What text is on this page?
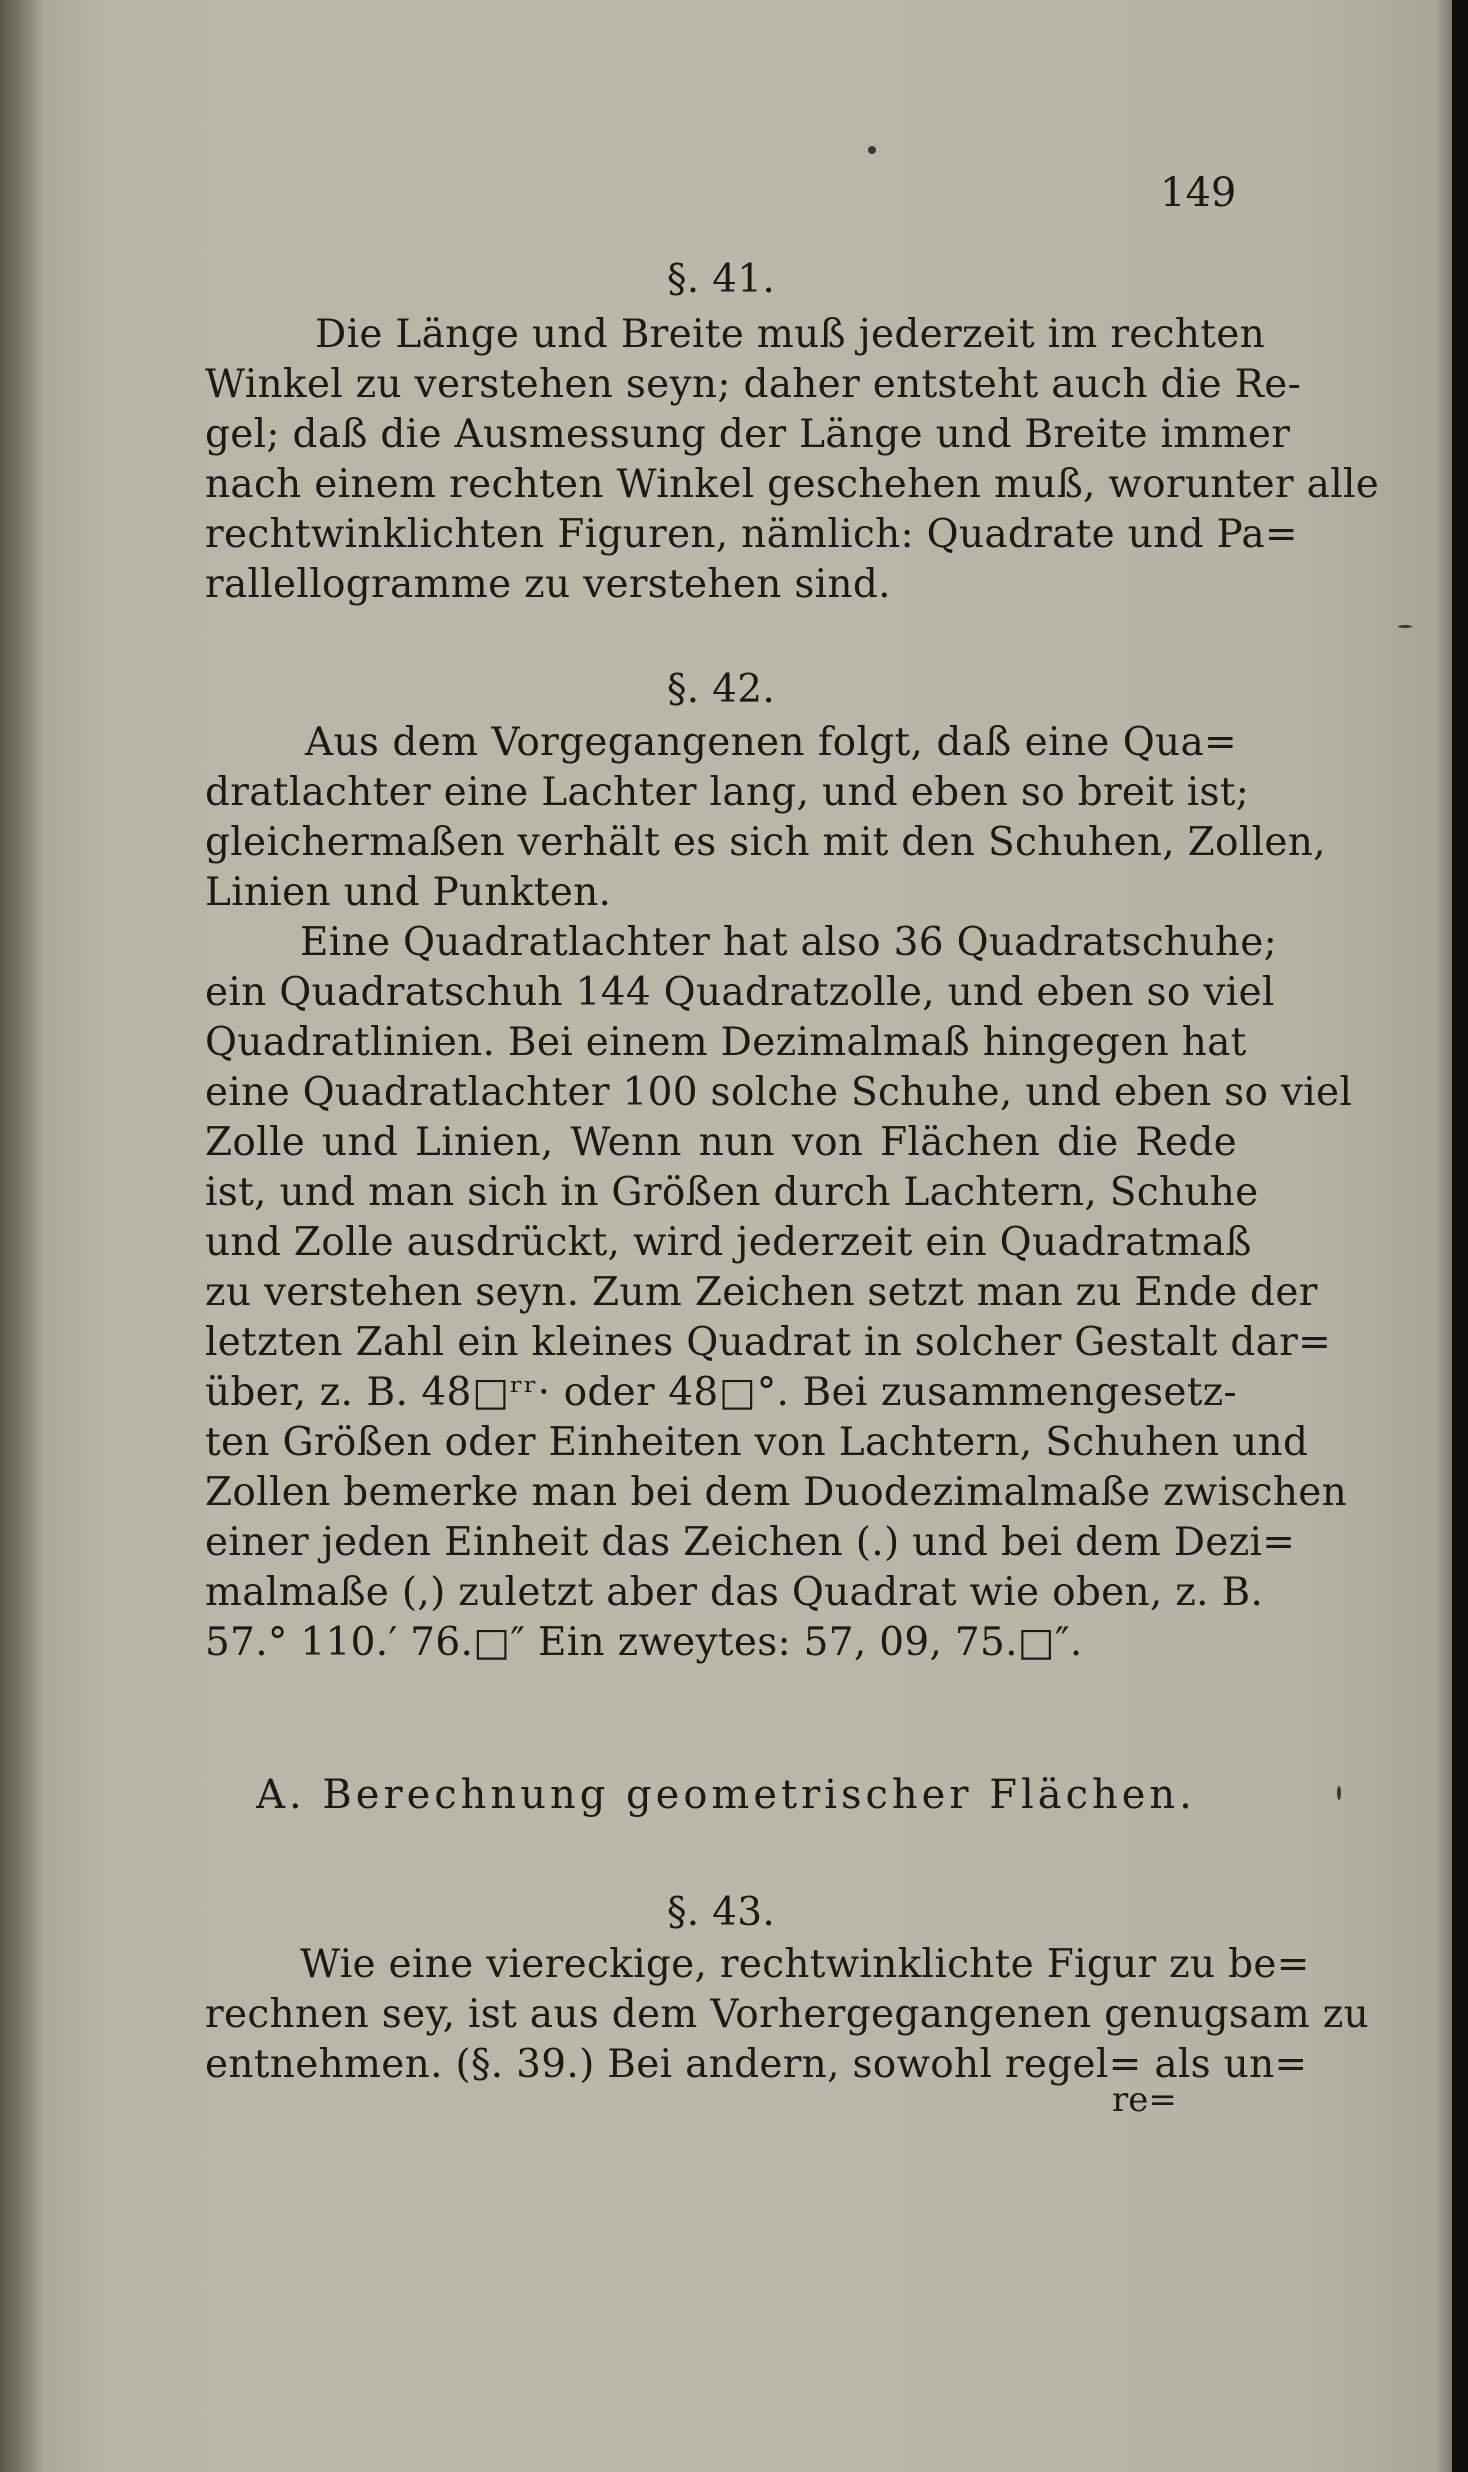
149
§. 41.
Die Länge und Breite muß jederzeit im rechten
Winkel zu verstehen seyn; daher entsteht auch die Re-
gel; daß die Ausmessung der Länge und Breite immer
nach einem rechten Winkel geschehen muß, worunter alle
rechtwinklichten Figuren, nämlich: Quadrate und Pa=
rallellogramme zu verstehen sind.
§. 42.
Aus dem Vorgegangenen folgt, daß eine Qua=
dratlachter eine Lachter lang, und eben so breit ist;
gleichermaßen verhält es sich mit den Schuhen, Zollen,
Linien und Punkten.
Eine Quadratlachter hat also 36 Quadratschuhe;
ein Quadratschuh 144 Quadratzolle, und eben so viel
Quadratlinien. Bei einem Dezimalmaß hingegen hat
eine Quadratlachter 100 solche Schuhe, und eben so viel
Zolle und Linien, Wenn nun von Flächen die Rede
ist, und man sich in Größen durch Lachtern, Schuhe
und Zolle ausdrückt, wird jederzeit ein Quadratmaß
zu verstehen seyn. Zum Zeichen setzt man zu Ende der
letzten Zahl ein kleines Quadrat in solcher Gestalt dar=
über, z. B. 48□ʳʳ· oder 48□°. Bei zusammengesetz-
ten Größen oder Einheiten von Lachtern, Schuhen und
Zollen bemerke man bei dem Duodezimalmaße zwischen
einer jeden Einheit das Zeichen (.) und bei dem Dezi=
malmaße (,) zuletzt aber das Quadrat wie oben, z. B.
57.° 110.′ 76.□″ Ein zweytes: 57, 09, 75.□″.
A. Berechnung geometrischer Flächen.
§. 43.
Wie eine viereckige, rechtwinklichte Figur zu be=
rechnen sey, ist aus dem Vorhergegangenen genugsam zu
entnehmen. (§. 39.) Bei andern, sowohl regel= als un=
re=
